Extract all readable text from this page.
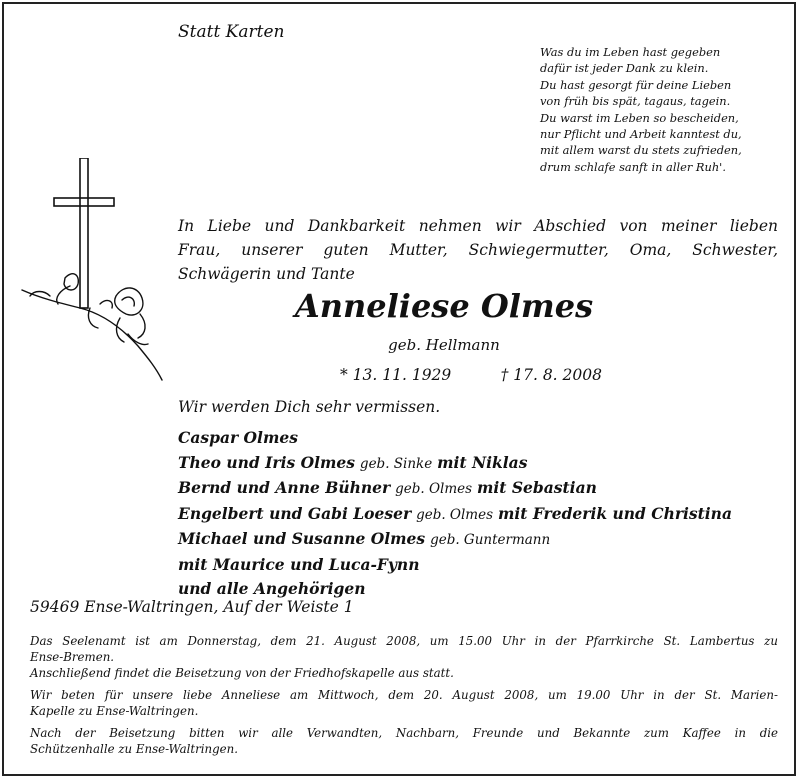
Statt Karten
Was du im Leben hast gegeben
dafür ist jeder Dank zu klein.
Du hast gesorgt für deine Lieben
von früh bis spät, tagaus, tagein.
Du warst im Leben so bescheiden,
nur Pflicht und Arbeit kanntest du,
mit allem warst du stets zufrieden,
drum schlafe sanft in aller Ruh'.
In Liebe und Dankbarkeit nehmen wir Abschied von meiner lieben
Frau, unserer guten Mutter, Schwiegermutter, Oma, Schwester,
Schwägerin und Tante
Anneliese Olmes
geb. Hellmann
* 13. 11. 1929	† 17. 8. 2008
Wir werden Dich sehr vermissen.
Caspar Olmes
Theo und Iris Olmes geb. Sinke mit Niklas
Bernd und Anne Bühner geb. Olmes mit Sebastian
Engelbert und Gabi Loeser geb. Olmes mit Frederik und Christina
Michael und Susanne Olmes geb. Guntermann
mit Maurice und Luca-Fynn
und alle Angehörigen
59469 Ense-Waltringen, Auf der Weiste 1

Das Seelenamt ist am Donnerstag, dem 21. August 2008, um 15.00 Uhr in der Pfarrkirche St. Lambertus zu
Ense-Bremen.
Anschließend findet die Beisetzung von der Friedhofskapelle aus statt.

Wir beten für unsere liebe Anneliese am Mittwoch, dem 20. August 2008, um 19.00 Uhr in der St. Marien-
Kapelle zu Ense-Waltringen.

Nach der Beisetzung bitten wir alle Verwandten, Nachbarn, Freunde und Bekannte zum Kaffee in die
Schützenhalle zu Ense-Waltringen.
